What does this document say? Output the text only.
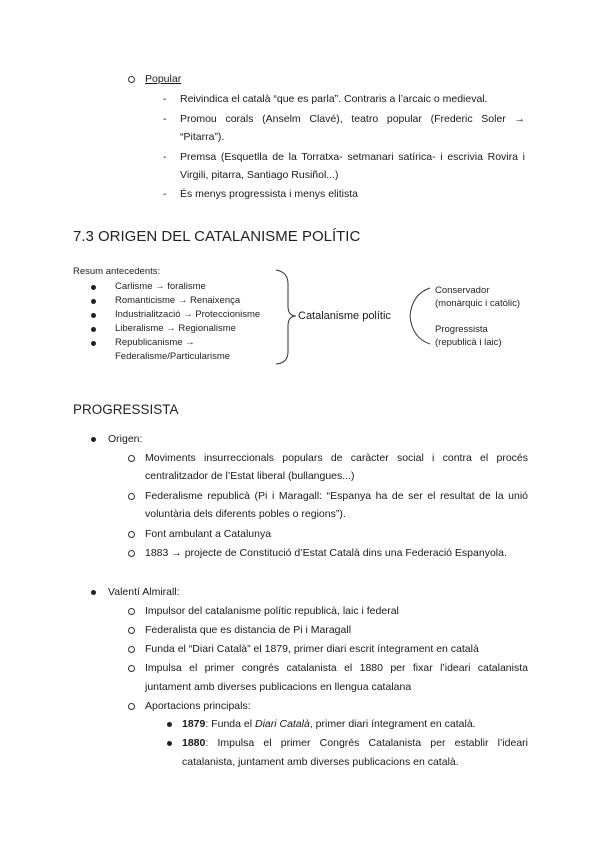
Popular
- Reivindica el català “que es parla”. Contraris a l’arcaic o medieval.
- Promou corals (Anselm Clavé), teatro popular (Frederic Soler →
“Pitarra”).
- Premsa (Esquetlla de la Torratxa- setmanari satírica- i escrivia Rovira i
Virgili, pitarra, Santiago Rusiñol...)
- És menys progressista i menys elitista
7.3 ORIGEN DEL CATALANISME POLÍTIC
Resum antecedents:
Carlisme → foralisme
Romanticisme → Renaixença
Industrialització → Proteccionisme
Liberalisme → Regionalisme
Republicanisme →
Federalisme/Particularisme
Catalanisme polític
Conservador
(monàrquic i catòlic)
Progressista
(republicà i laic)
PROGRESSISTA
Origen:
Moviments insurreccionals populars de caràcter social i contra el procés
centralitzador de l’Estat liberal (bullangues...)
Federalisme republicà (Pi i Maragall: “Espanya ha de ser el resultat de la unió
voluntària dels diferents pobles o regions”).
Font ambulant a Catalunya
1883 → projecte de Constitució d’Estat Català dins una Federació Espanyola.
Valentí Almirall:
Impulsor del catalanisme polític republicà, laic i federal
Federalista que es distancia de Pi i Maragall
Funda el “Diari Català” el 1879, primer diari escrit íntegrament en català
Impulsa el primer congrés catalanista el 1880 per fixar l’ideari catalanista
juntament amb diverses publicacions en llengua catalana
Aportacions principals:
1879: Funda el Diari Català, primer diari íntegrament en català.
1880: Impulsa el primer Congrés Catalanista per establir l’ideari
catalanista, juntament amb diverses publicacions en català.
